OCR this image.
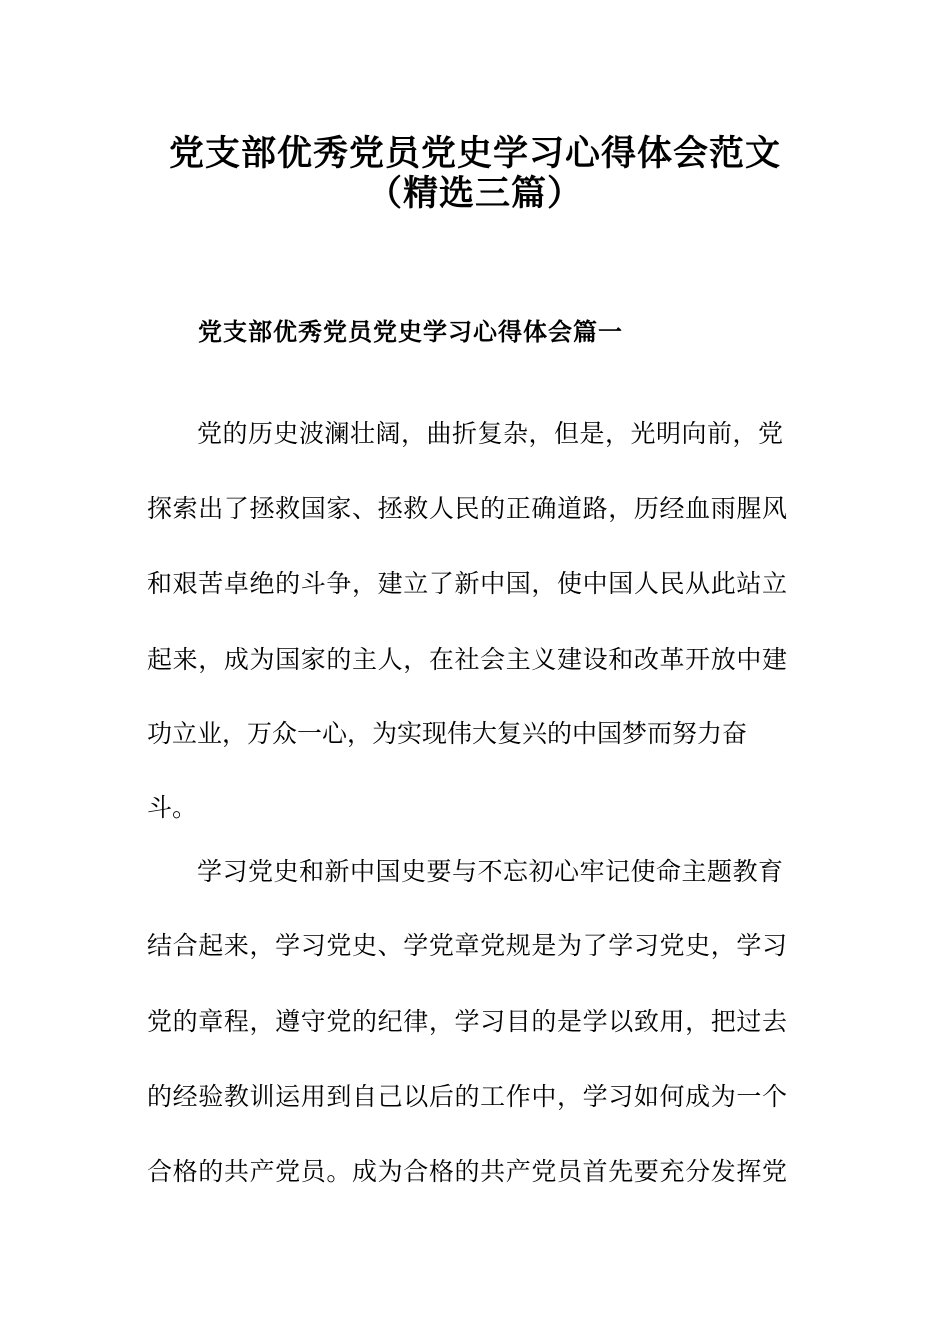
党支部优秀党员党史学习心得体会范文
（精选三篇）
党支部优秀党员党史学习心得体会篇一
党的历史波澜壮阔，曲折复杂，但是，光明向前，党
探索出了拯救国家、拯救人民的正确道路，历经血雨腥风
和艰苦卓绝的斗争，建立了新中国，使中国人民从此站立
起来，成为国家的主人，在社会主义建设和改革开放中建
功立业，万众一心，为实现伟大复兴的中国梦而努力奋
斗。
学习党史和新中国史要与不忘初心牢记使命主题教育
结合起来，学习党史、学党章党规是为了学习党史，学习
党的章程，遵守党的纪律，学习目的是学以致用，把过去
的经验教训运用到自己以后的工作中，学习如何成为一个
合格的共产党员。成为合格的共产党员首先要充分发挥党
